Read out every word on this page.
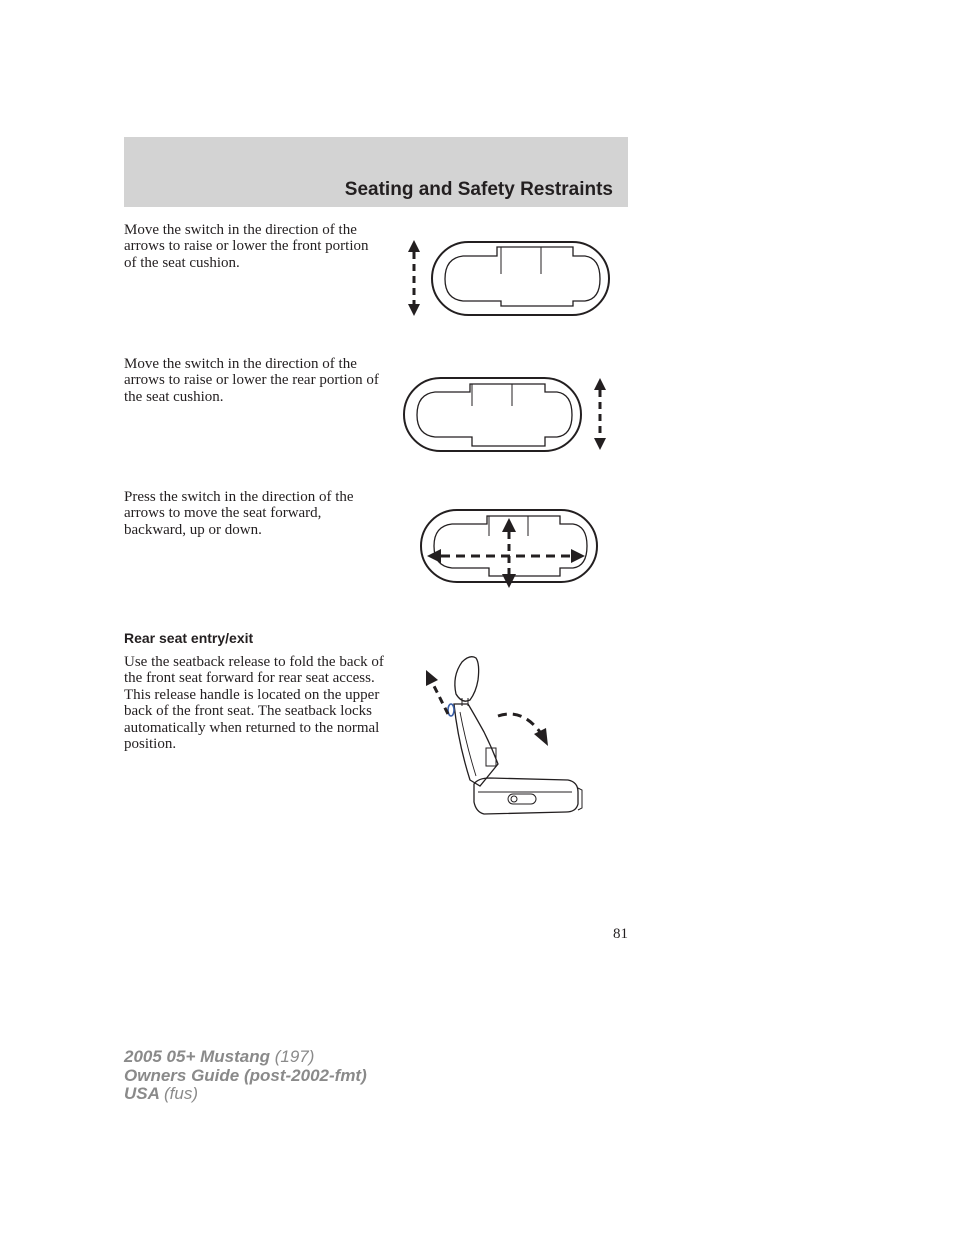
Seating and Safety Restraints

Move the switch in the direction of the arrows to raise or lower the front portion of the seat cushion.

Move the switch in the direction of the arrows to raise or lower the rear portion of the seat cushion.

Press the switch in the direction of the arrows to move the seat forward, backward, up or down.

Rear seat entry/exit

Use the seatback release to fold the back of the front seat forward for rear seat access. This release handle is located on the upper back of the front seat. The seatback locks automatically when returned to the normal position.

81
2005 05+ Mustang (197)
Owners Guide (post-2002-fmt)
USA (fus)
